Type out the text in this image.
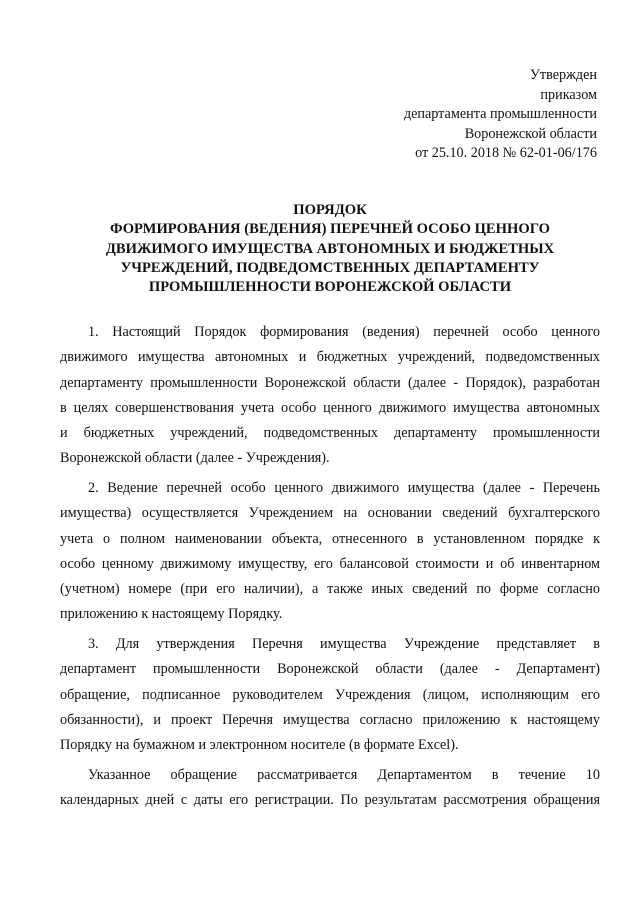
Утвержден
приказом
департамента промышленности
Воронежской области
от 25.10. 2018 № 62-01-06/176
ПОРЯДОК
ФОРМИРОВАНИЯ (ВЕДЕНИЯ) ПЕРЕЧНЕЙ ОСОБО ЦЕННОГО
ДВИЖИМОГО ИМУЩЕСТВА АВТОНОМНЫХ И БЮДЖЕТНЫХ
УЧРЕЖДЕНИЙ, ПОДВЕДОМСТВЕННЫХ ДЕПАРТАМЕНТУ
ПРОМЫШЛЕННОСТИ ВОРОНЕЖСКОЙ ОБЛАСТИ
1. Настоящий Порядок формирования (ведения) перечней особо ценного
движимого имущества автономных и бюджетных учреждений, подведомственных
департаменту промышленности Воронежской области (далее - Порядок), разработан
в целях совершенствования учета особо ценного движимого имущества автономных
и бюджетных учреждений, подведомственных департаменту промышленности
Воронежской области (далее - Учреждения).
2. Ведение перечней особо ценного движимого имущества (далее - Перечень
имущества) осуществляется Учреждением на основании сведений бухгалтерского
учета о полном наименовании объекта, отнесенного в установленном порядке к
особо ценному движимому имуществу, его балансовой стоимости и об инвентарном
(учетном) номере (при его наличии), а также иных сведений по форме согласно
приложению к настоящему Порядку.
3. Для утверждения Перечня имущества Учреждение представляет в
департамент промышленности Воронежской области (далее - Департамент)
обращение, подписанное руководителем Учреждения (лицом, исполняющим его
обязанности), и проект Перечня имущества согласно приложению к настоящему
Порядку на бумажном и электронном носителе (в формате Excel).
Указанное обращение рассматривается Департаментом в течение 10
календарных дней с даты его регистрации. По результатам рассмотрения обращения
